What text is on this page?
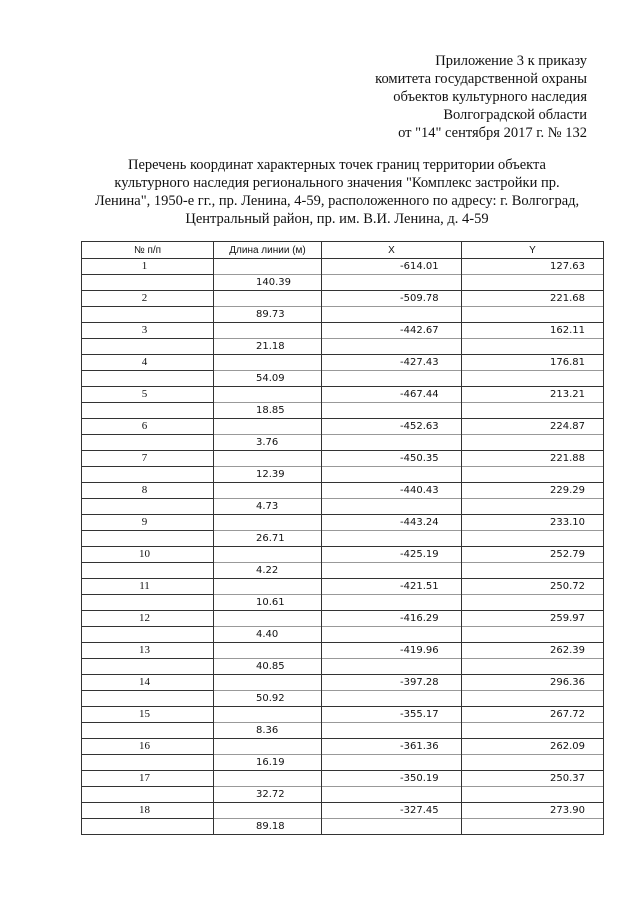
Приложение 3 к приказу
комитета государственной охраны
объектов культурного наследия
Волгоградской области
от "14" сентября 2017 г. № 132
Перечень координат характерных точек границ территории объекта
культурного наследия регионального значения "Комплекс застройки пр.
Ленина", 1950-е гг., пр. Ленина, 4-59, расположенного по адресу: г. Волгоград,
Центральный район, пр. им. В.И. Ленина, д. 4-59
№ п/п	Длина линии (м)	X	Y
1		-614.01	127.63
	140.39		
2		-509.78	221.68
	89.73		
3		-442.67	162.11
	21.18		
4		-427.43	176.81
	54.09		
5		-467.44	213.21
	18.85		
6		-452.63	224.87
	3.76		
7		-450.35	221.88
	12.39		
8		-440.43	229.29
	4.73		
9		-443.24	233.10
	26.71		
10		-425.19	252.79
	4.22		
11		-421.51	250.72
	10.61		
12		-416.29	259.97
	4.40		
13		-419.96	262.39
	40.85		
14		-397.28	296.36
	50.92		
15		-355.17	267.72
	8.36		
16		-361.36	262.09
	16.19		
17		-350.19	250.37
	32.72		
18		-327.45	273.90
	89.18		
